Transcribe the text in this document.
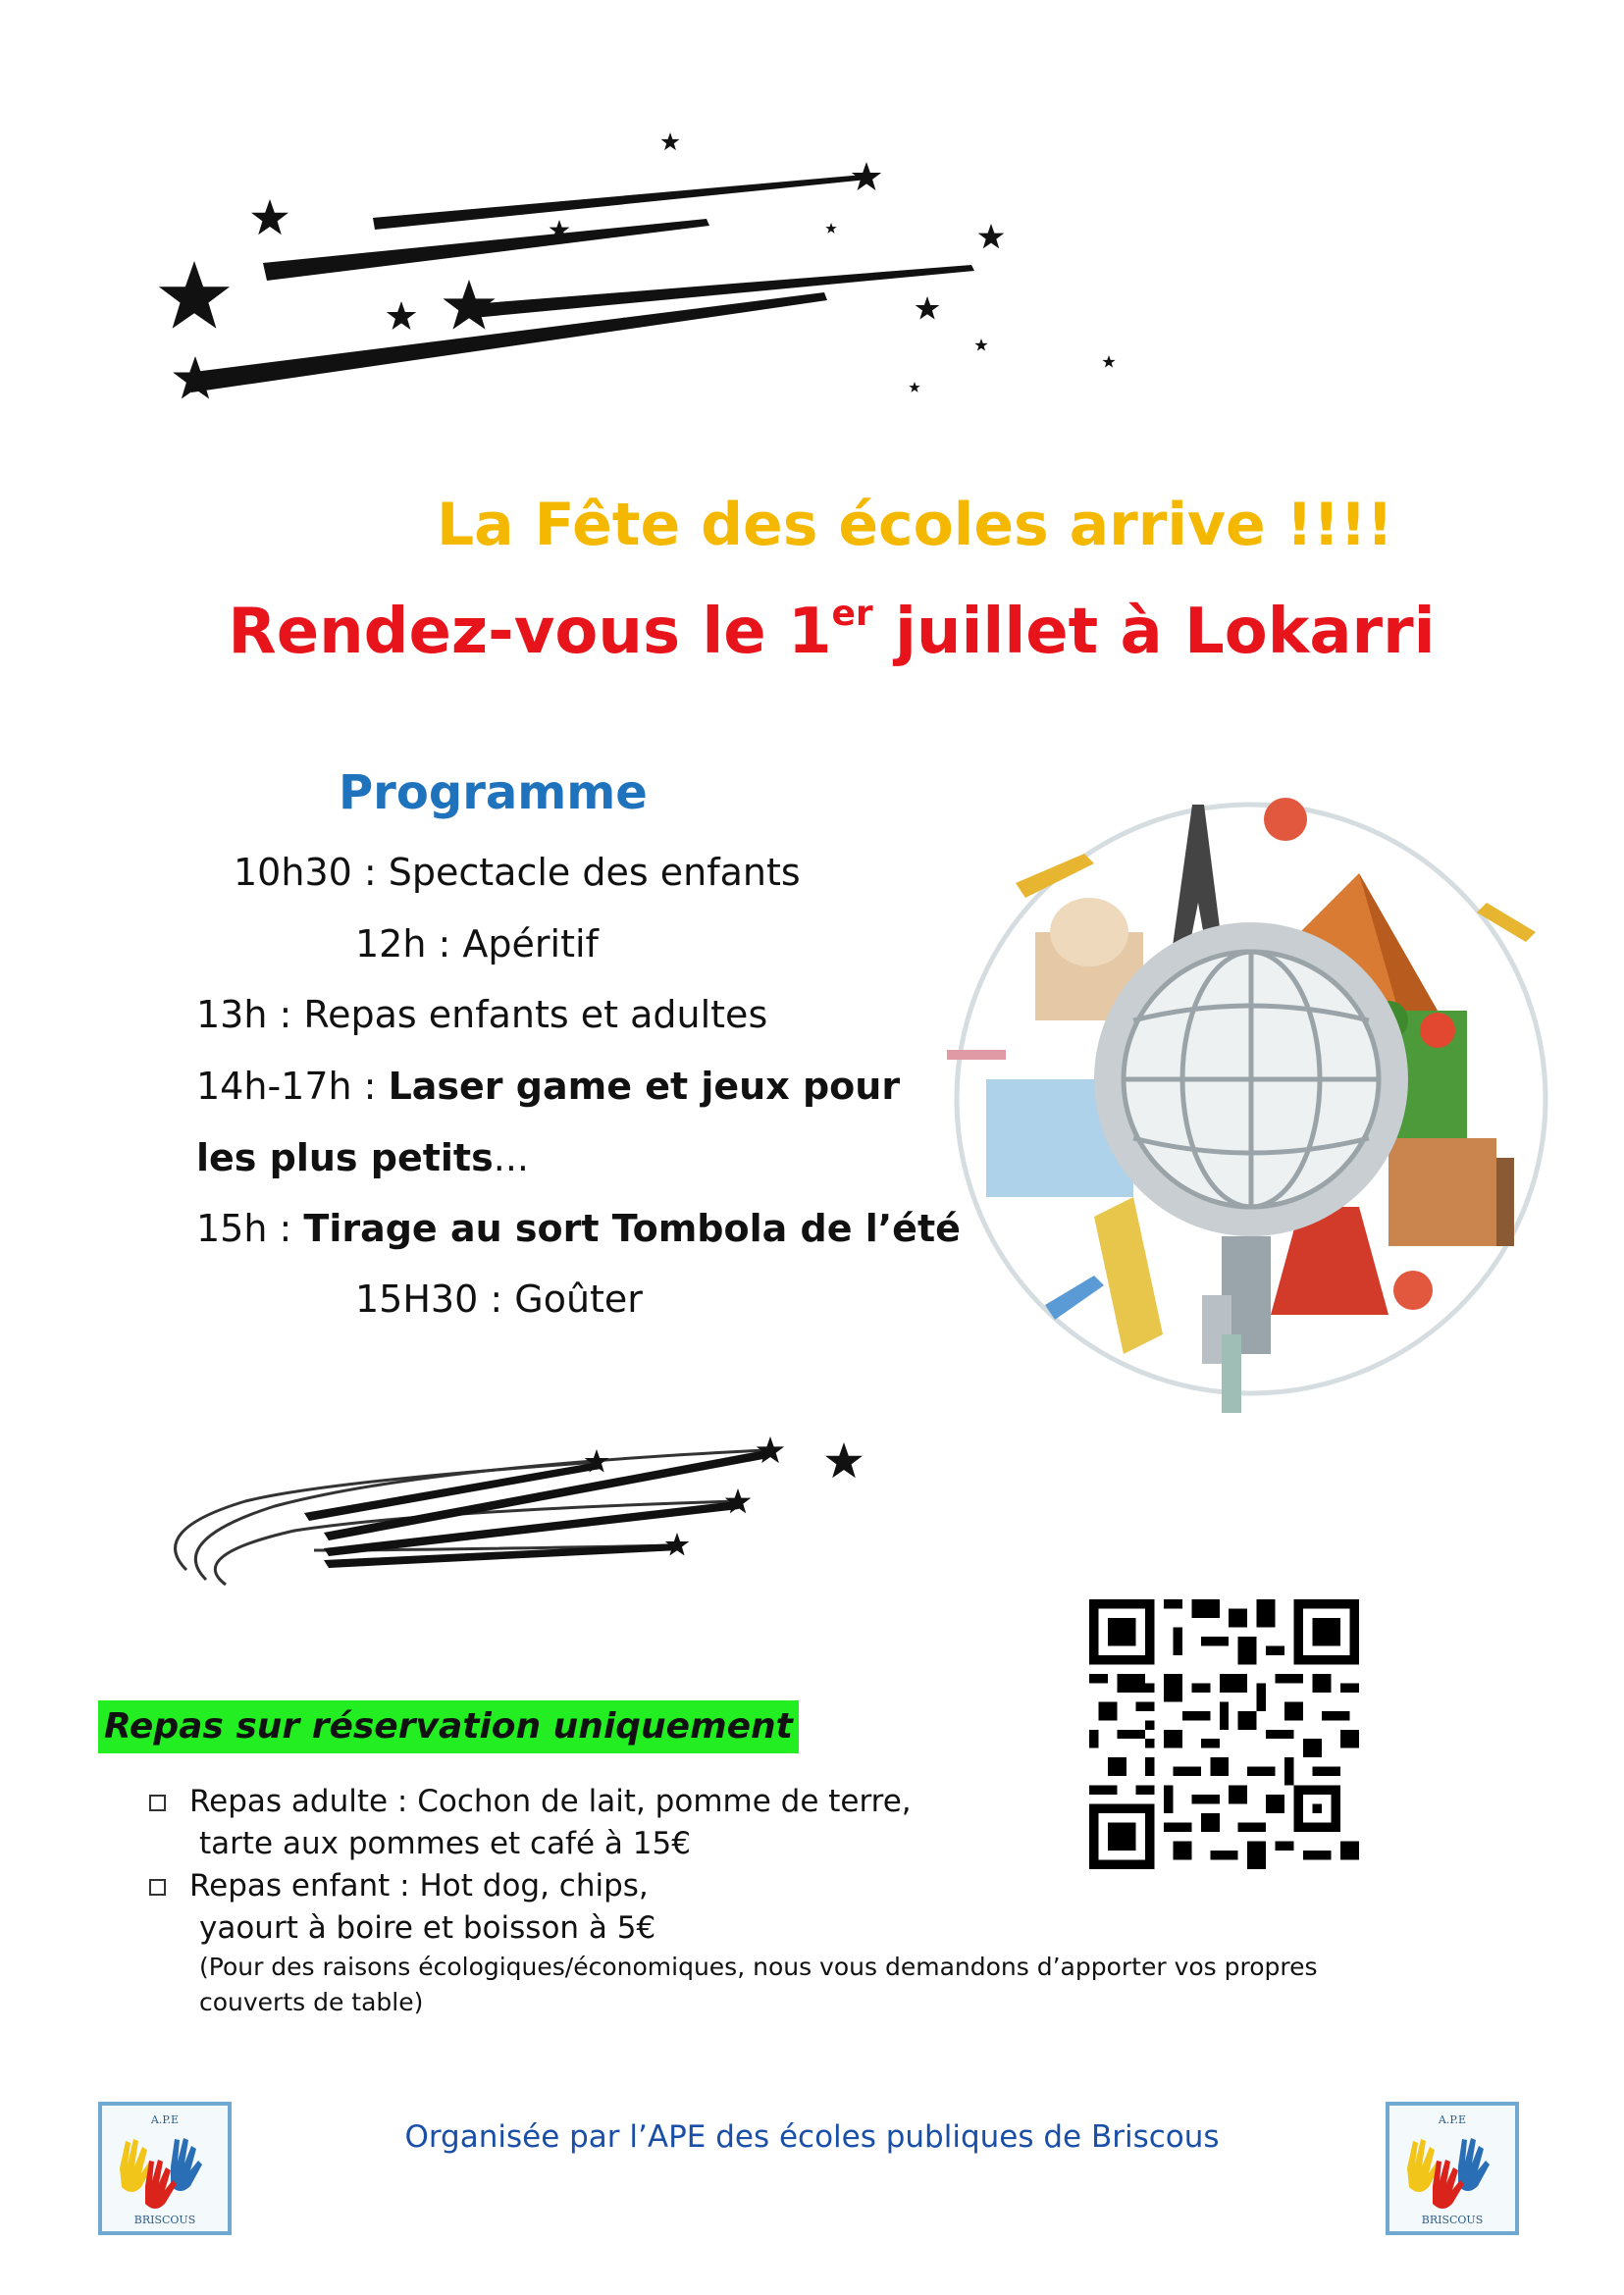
La Fête des écoles arrive !!!!
Rendez-vous le 1er juillet à Lokarri
Programme
10h30 : Spectacle des enfants
12h : Apéritif
13h : Repas enfants et adultes
14h-17h : Laser game et jeux pour
les plus petits...
15h : Tirage au sort Tombola de l’été
15H30 : Goûter
Repas sur réservation uniquement
Repas adulte : Cochon de lait, pomme de terre,
tarte aux pommes et café à 15€
Repas enfant : Hot dog, chips,
yaourt à boire et boisson à 5€
(Pour des raisons écologiques/économiques, nous vous demandons d’apporter vos propres
couverts de table)
A.P.E
BRISCOUS
Organisée par l’APE des écoles publiques de Briscous	A.P.E
BRISCOUS
